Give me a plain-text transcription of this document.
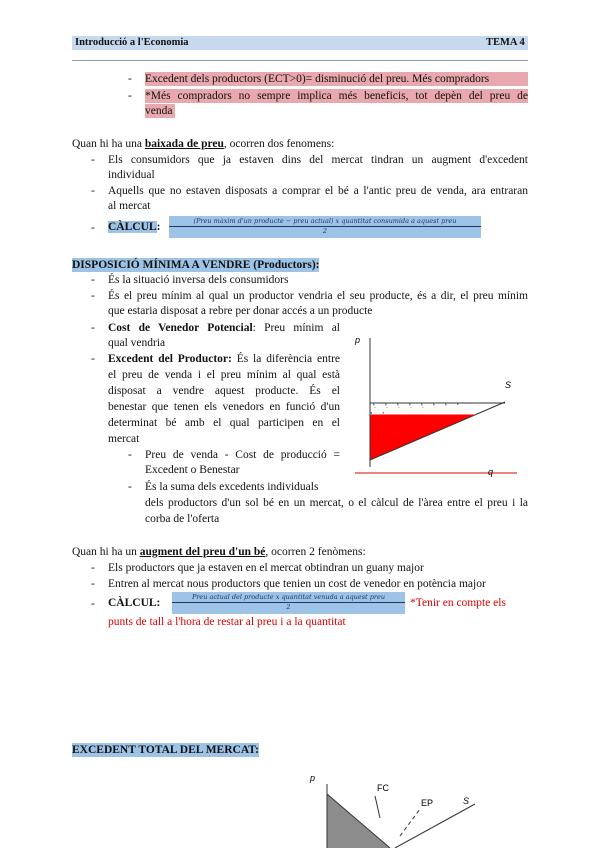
Introducció a l'Economia	TEMA 4
- Excedent dels productors (ECT>0)= disminució del preu. Més compradors
- *Més compradors no sempre implica més beneficis, tot depèn del preu de
venda
Quan hi ha una baixada de preu, ocorren dos fenomens:
- Els consumidors que ja estaven dins del mercat tindran un augment d'excedent
individual
- Aquells que no estaven disposats a comprar el bé a l'antic preu de venda, ara entraran
al mercat
- CÀLCUL:	(Preu màxim d'un producte − preu actual) x quantitat consumida a aquest preu
2
DISPOSICIÓ MÍNIMA A VENDRE (Productors):
- És la situació inversa dels consumidors
- És el preu mínim al qual un productor vendria el seu producte, és a dir, el preu mínim
que estaria disposat a rebre per donar accés a un producte
- Cost de Venedor Potencial: Preu mínim al
qual vendria
- Excedent del Productor: És la diferència entre
el preu de venda i el preu mínim al qual està
disposat a vendre aquest producte. És el
benestar que tenen els venedors en funció d'un
determinat bé amb el qual participen en el
mercat
- Preu de venda - Cost de producció =
Excedent o Benestar
- És la suma dels excedents individuals
dels productors d'un sol bé en un mercat, o el càlcul de l'àrea entre el preu i la
corba de l'oferta
p
S
q
Quan hi ha un augment del preu d'un bé, ocorren 2 fenòmens:
- Els productors que ja estaven en el mercat obtindran un guany major
- Entren al mercat nous productors que tenien un cost de venedor en potència major
- CÀLCUL:	Preu actual del producte x quantitat venuda a aquest preu
2	*Tenir en compte els
punts de tall a l'hora de restar al preu i a la quantitat
EXCEDENT TOTAL DEL MERCAT:
p
FC
EP	S
